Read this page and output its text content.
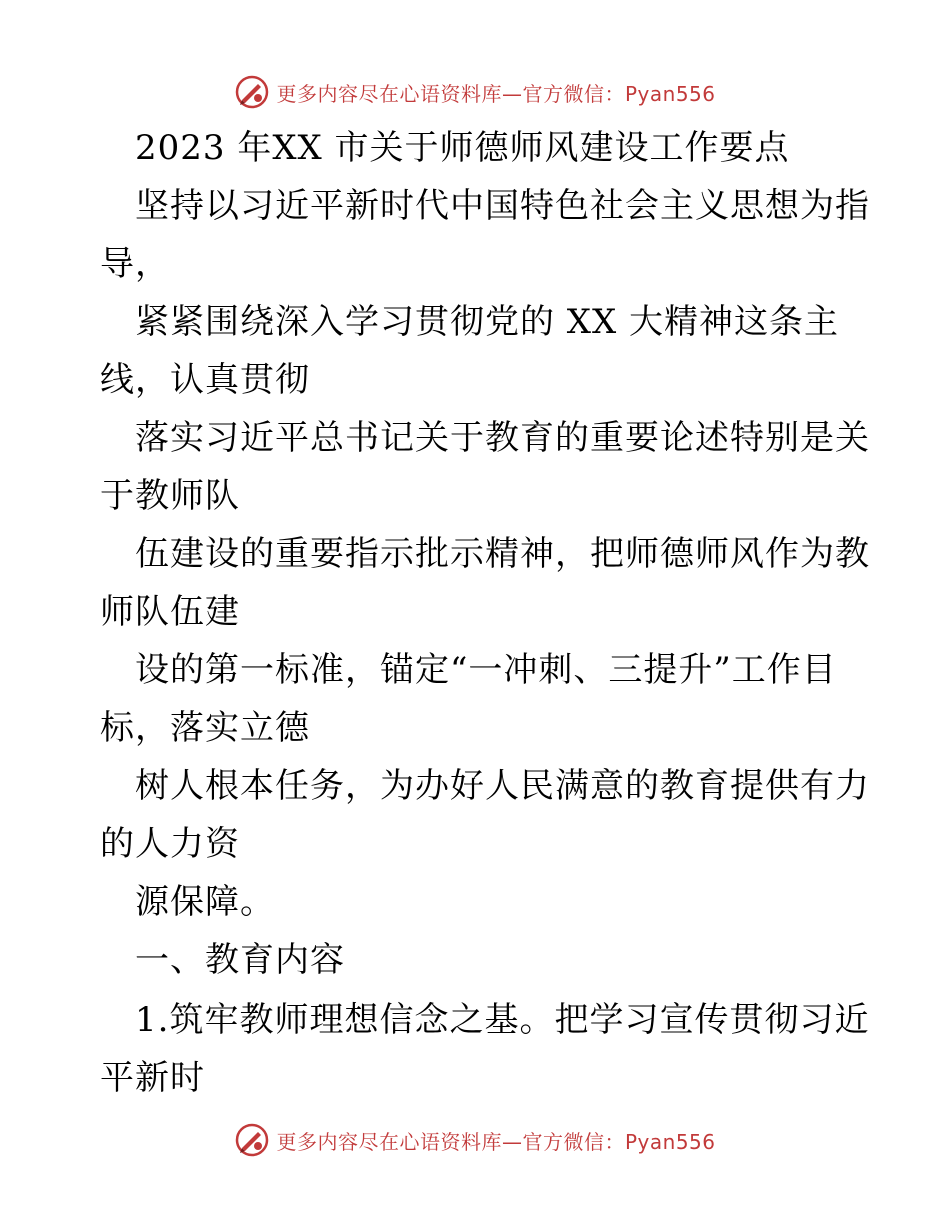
更多内容尽在心语资料库—官方微信：Pyan556
2023 年XX 市关于师德师风建设工作要点
坚持以习近平新时代中国特色社会主义思想为指
导，
紧紧围绕深入学习贯彻党的 XX 大精神这条主
线，认真贯彻
落实习近平总书记关于教育的重要论述特别是关
于教师队
伍建设的重要指示批示精神，把师德师风作为教
师队伍建
设的第一标准，锚定“一冲刺、三提升”工作目
标，落实立德
树人根本任务，为办好人民满意的教育提供有力
的人力资
源保障。
一、教育内容
1.筑牢教师理想信念之基。把学习宣传贯彻习近
平新时
更多内容尽在心语资料库—官方微信：Pyan556
